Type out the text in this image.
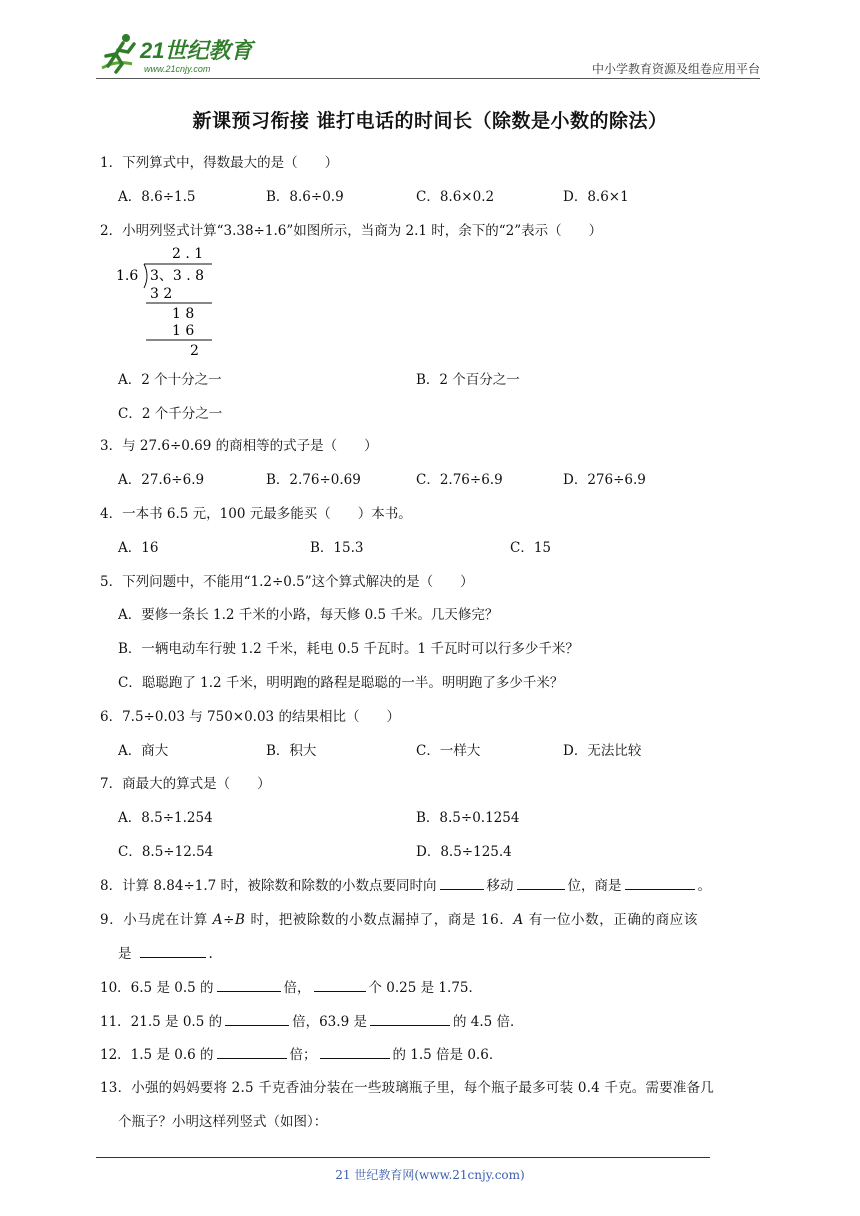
21世纪教育
www.21cnjy.com	中小学教育资源及组卷应用平台
新课预习衔接 谁打电话的时间长（除数是小数的除法）
1．下列算式中，得数最大的是（　　）
A．8.6÷1.5	B．8.6÷0.9	C．8.6×0.2	D．8.6×1
2．小明列竖式计算“3.38÷1.6”如图所示，当商为 2.1 时，余下的“2”表示（　　）
2 . 1
1.6 3、3 . 8
3 2
1 8
1 6
2
A．2 个十分之一	B．2 个百分之一
C．2 个千分之一
3．与 27.6÷0.69 的商相等的式子是（　　）
A．27.6÷6.9	B．2.76÷0.69	C．2.76÷6.9	D．276÷6.9
4．一本书 6.5 元，100 元最多能买（　　）本书。
A．16	B．15.3	C．15
5．下列问题中，不能用“1.2÷0.5”这个算式解决的是（　　）
A．要修一条长 1.2 千米的小路，每天修 0.5 千米。几天修完？
B．一辆电动车行驶 1.2 千米，耗电 0.5 千瓦时。1 千瓦时可以行多少千米？
C．聪聪跑了 1.2 千米，明明跑的路程是聪聪的一半。明明跑了多少千米？
6．7.5÷0.03 与 750×0.03 的结果相比（　　）
A．商大	B．积大	C．一样大	D．无法比较
7．商最大的算式是（　　）
A．8.5÷1.254	B．8.5÷0.1254
C．8.5÷12.54	D．8.5÷125.4
8．计算 8.84÷1.7 时，被除数和除数的小数点要同时向	移动	位，商是	。
9．小马虎在计算 A÷B 时，把被除数的小数点漏掉了，商是 16．A 有一位小数，正确的商应该
是	.
10．6.5 是 0.5 的	倍，	个 0.25 是 1.75．
11．21.5 是 0.5 的	倍，63.9 是	的 4.5 倍．
12．1.5 是 0.6 的	倍；	的 1.5 倍是 0.6．
13．小强的妈妈要将 2.5 千克香油分装在一些玻璃瓶子里，每个瓶子最多可装 0.4 千克。需要准备几
个瓶子？小明这样列竖式（如图）：
21 世纪教育网(www.21cnjy.com)
